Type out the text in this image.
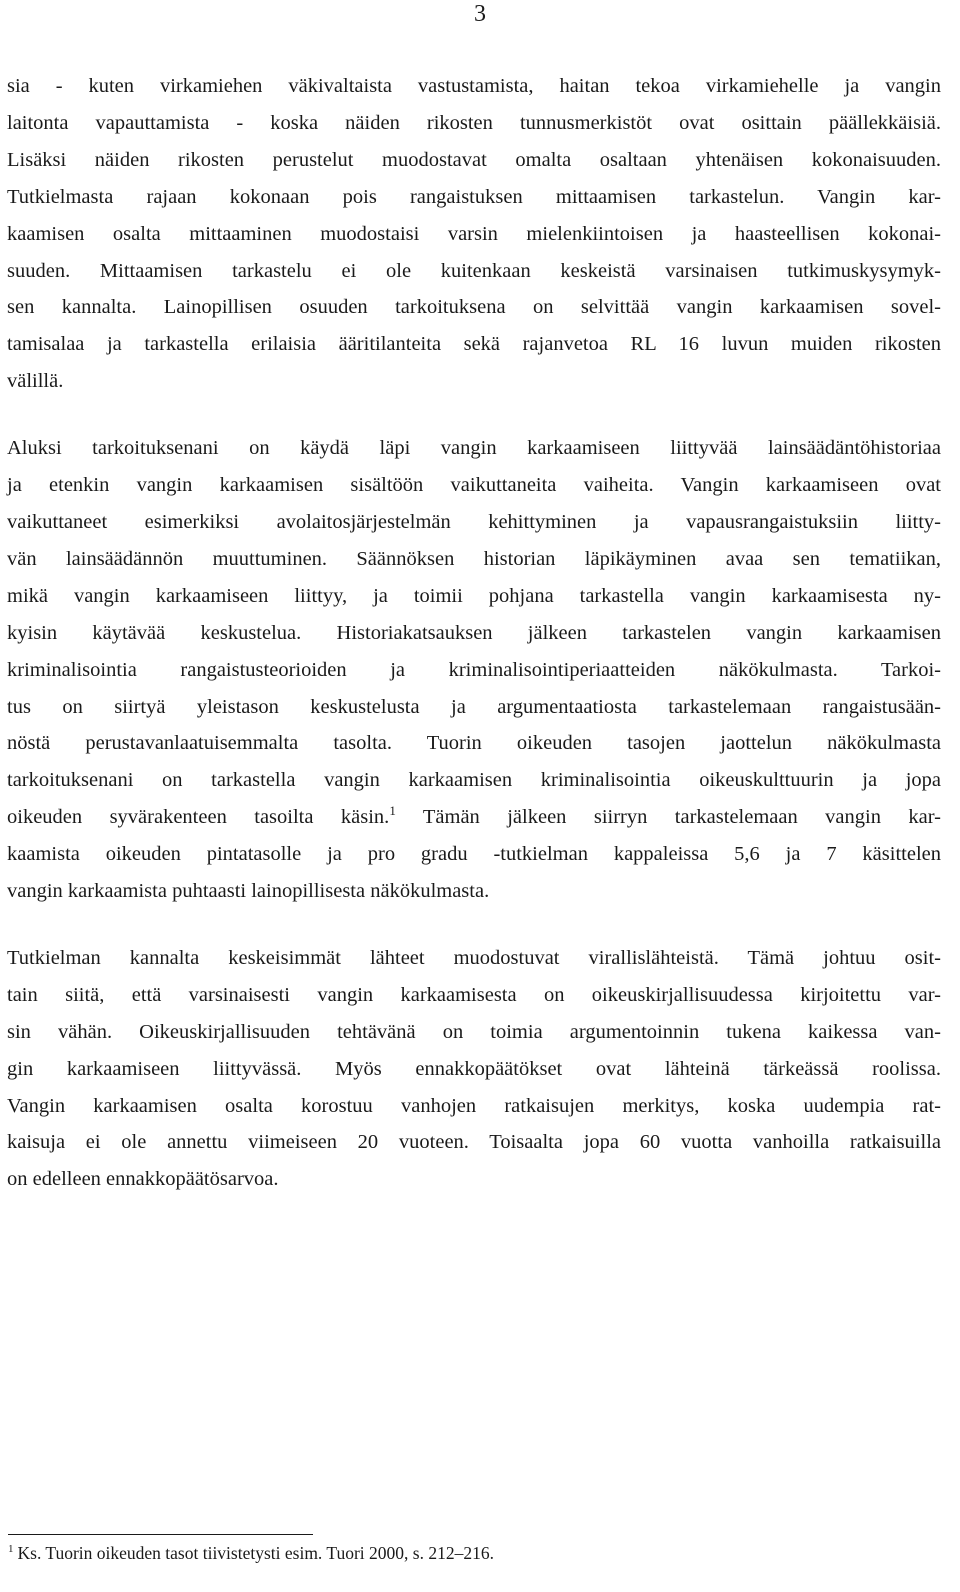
3
sia - kuten virkamiehen väkivaltaista vastustamista, haitan tekoa virkamiehelle ja vangin
laitonta vapauttamista - koska näiden rikosten tunnusmerkistöt ovat osittain päällekkäisiä.
Lisäksi näiden rikosten perustelut muodostavat omalta osaltaan yhtenäisen kokonaisuuden.
Tutkielmasta rajaan kokonaan pois rangaistuksen mittaamisen tarkastelun. Vangin kar-
kaamisen osalta mittaaminen muodostaisi varsin mielenkiintoisen ja haasteellisen kokonai-
suuden. Mittaamisen tarkastelu ei ole kuitenkaan keskeistä varsinaisen tutkimuskysymyk-
sen kannalta. Lainopillisen osuuden tarkoituksena on selvittää vangin karkaamisen sovel-
tamisalaa ja tarkastella erilaisia ääritilanteita sekä rajanvetoa RL 16 luvun muiden rikosten
välillä.
Aluksi tarkoituksenani on käydä läpi vangin karkaamiseen liittyvää lainsäädäntöhistoriaa
ja etenkin vangin karkaamisen sisältöön vaikuttaneita vaiheita. Vangin karkaamiseen ovat
vaikuttaneet esimerkiksi avolaitosjärjestelmän kehittyminen ja vapausrangaistuksiin liitty-
vän lainsäädännön muuttuminen. Säännöksen historian läpikäyminen avaa sen tematiikan,
mikä vangin karkaamiseen liittyy, ja toimii pohjana tarkastella vangin karkaamisesta ny-
kyisin käytävää keskustelua. Historiakatsauksen jälkeen tarkastelen vangin karkaamisen
kriminalisointia rangaistusteorioiden ja kriminalisointiperiaatteiden näkökulmasta. Tarkoi-
tus on siirtyä yleistason keskustelusta ja argumentaatiosta tarkastelemaan rangaistusään-
nöstä perustavanlaatuisemmalta tasolta. Tuorin oikeuden tasojen jaottelun näkökulmasta
tarkoituksenani on tarkastella vangin karkaamisen kriminalisointia oikeuskulttuurin ja jopa
oikeuden syvärakenteen tasoilta käsin.$^1$ Tämän jälkeen siirryn tarkastelemaan vangin kar-
kaamista oikeuden pintatasolle ja pro gradu -tutkielman kappaleissa 5,6 ja 7 käsittelen
vangin karkaamista puhtaasti lainopillisesta näkökulmasta.
Tutkielman kannalta keskeisimmät lähteet muodostuvat virallislähteistä. Tämä johtuu osit-
tain siitä, että varsinaisesti vangin karkaamisesta on oikeuskirjallisuudessa kirjoitettu var-
sin vähän. Oikeuskirjallisuuden tehtävänä on toimia argumentoinnin tukena kaikessa van-
gin karkaamiseen liittyvässä. Myös ennakkopäätökset ovat lähteinä tärkeässä roolissa.
Vangin karkaamisen osalta korostuu vanhojen ratkaisujen merkitys, koska uudempia rat-
kaisuja ei ole annettu viimeiseen 20 vuoteen. Toisaalta jopa 60 vuotta vanhoilla ratkaisuilla
on edelleen ennakkopäätösarvoa.
$^1$ Ks. Tuorin oikeuden tasot tiivistetysti esim. Tuori 2000, s. 212–216.
